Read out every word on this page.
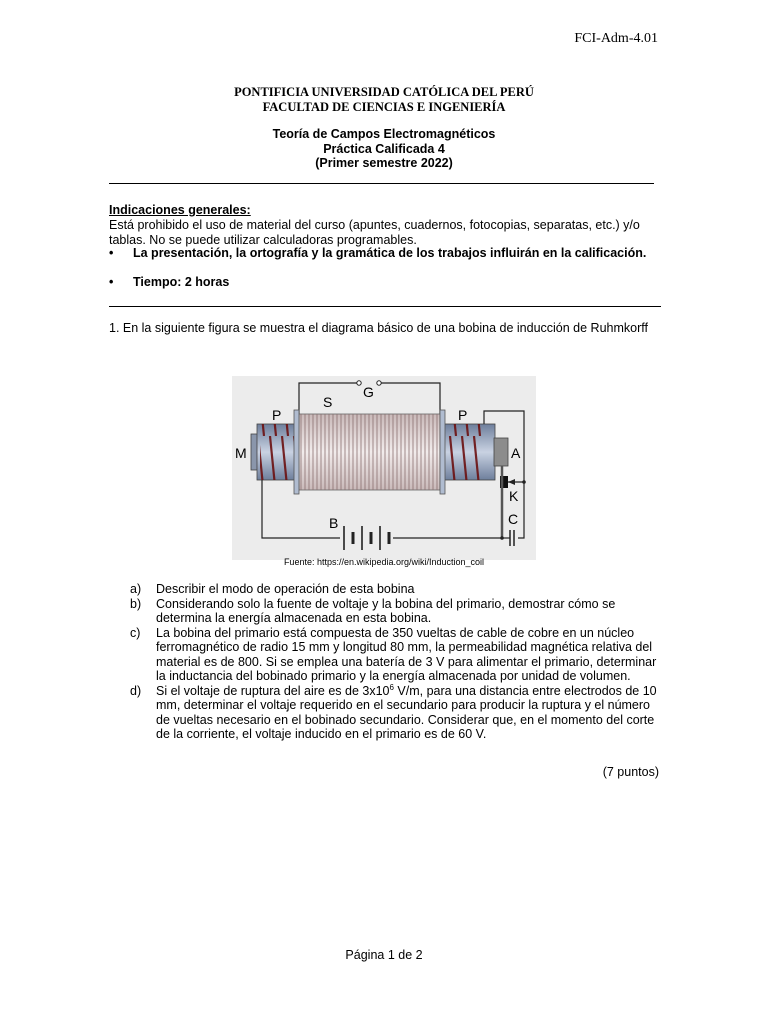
FCI-Adm-4.01
PONTIFICIA UNIVERSIDAD CATÓLICA DEL PERÚ
FACULTAD DE CIENCIAS E INGENIERÍA
Teoría de Campos Electromagnéticos
Práctica Calificada 4
(Primer semestre 2022)
Indicaciones generales:
Está prohibido el uso de material del curso (apuntes, cuadernos, fotocopias, separatas, etc.) y/o tablas. No se puede utilizar calculadoras programables.
• La presentación, la ortografía y la gramática de los trabajos influirán en la calificación.
• Tiempo: 2 horas
1. En la siguiente figura se muestra el diagrama básico de una bobina de inducción de Ruhmkorff
M
P
S
G
P
A
K
B	C
Fuente: https://en.wikipedia.org/wiki/Induction_coil

a) Describir el modo de operación de esta bobina

b) Considerando solo la fuente de voltaje y la bobina del primario, demostrar cómo se determina la energía almacenada en esta bobina.

c) La bobina del primario está compuesta de 350 vueltas de cable de cobre en un núcleo ferromagnético de radio 15 mm y longitud 80 mm, la permeabilidad magnética relativa del material es de 800. Si se emplea una batería de 3 V para alimentar el primario, determinar la inductancia del bobinado primario y la energía almacenada por unidad de volumen.

d) Si el voltaje de ruptura del aire es de $3x10^6$ V/m, para una distancia entre electrodos de 10 mm, determinar el voltaje requerido en el secundario para producir la ruptura y el número de vueltas necesario en el bobinado secundario. Considerar que, en el momento del corte de la corriente, el voltaje inducido en el primario es de 60 V.

(7 puntos)
Página 1 de 2
